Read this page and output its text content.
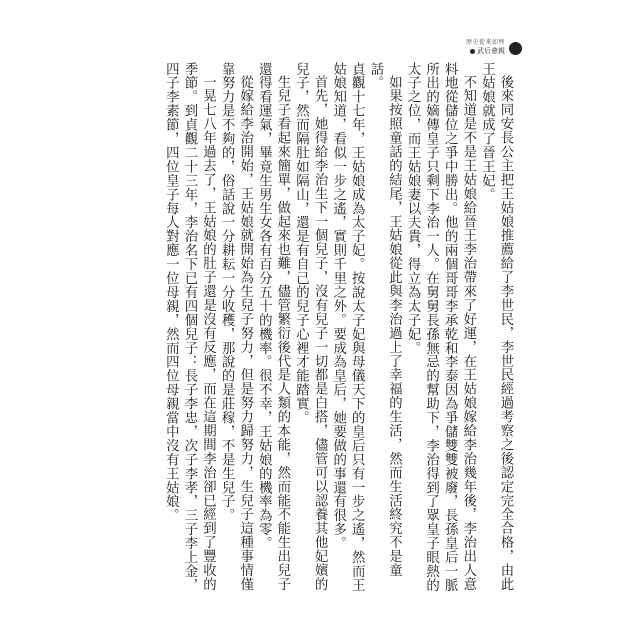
歷史從來如煙
武后會親

後來同安長公主把王姑娘推薦給了李世民，李世民經過考察之後認定完全合格，由此王姑娘就成了晉王妃。

不知道是不是王姑娘給晉王李治帶來了好運，在王姑娘嫁給李治幾年後，李治出人意料地從儲位之爭中勝出。他的兩個哥哥李承乾和李泰因為爭儲雙雙被廢，長孫皇后一脈所出的嫡傳皇子只剩下李治一人。在舅舅長孫無忌的幫助下，李治得到了眾皇子眼熱的太子之位，而王姑娘妻以夫貴，得立為太子妃。

如果按照童話的結尾，王姑娘從此與李治過上了幸福的生活，然而生活終究不是童話。

貞觀十七年，王姑娘成為太子妃。按說太子妃與母儀天下的皇后只有一步之遙，然而王姑娘知道，看似一步之遙，實則千里之外。要成為皇后，她要做的事還有很多。

首先，她得給李治生下一個兒子，沒有兒子一切都是白搭，儘管可以認養其他妃嬪的兒子，然而隔肚如隔山，還是有自己的兒子心裡才能踏實。

生兒子看起來簡單，做起來也難，儘管繁衍後代是人類的本能，然而能不能生出兒子還得看運氣，畢竟生男生女各有百分五十的機率。很不幸，王姑娘的機率為零。

從嫁給李治開始，王姑娘就開始為生兒子努力，但是努力歸努力，生兒子這種事情僅靠努力是不夠的，俗話說一分耕耘一分收穫，那說的是莊稼，不是生兒子。

一晃七八年過去了，王姑娘的肚子還是沒有反應，而在這期間李治卻已經到了豐收的季節。到貞觀二十三年，李治名下已有四個兒子：長子李忠，次子李孝，三子李上金，四子李素節，四位皇子每人對應一位母親，然而四位母親當中沒有王姑娘。
